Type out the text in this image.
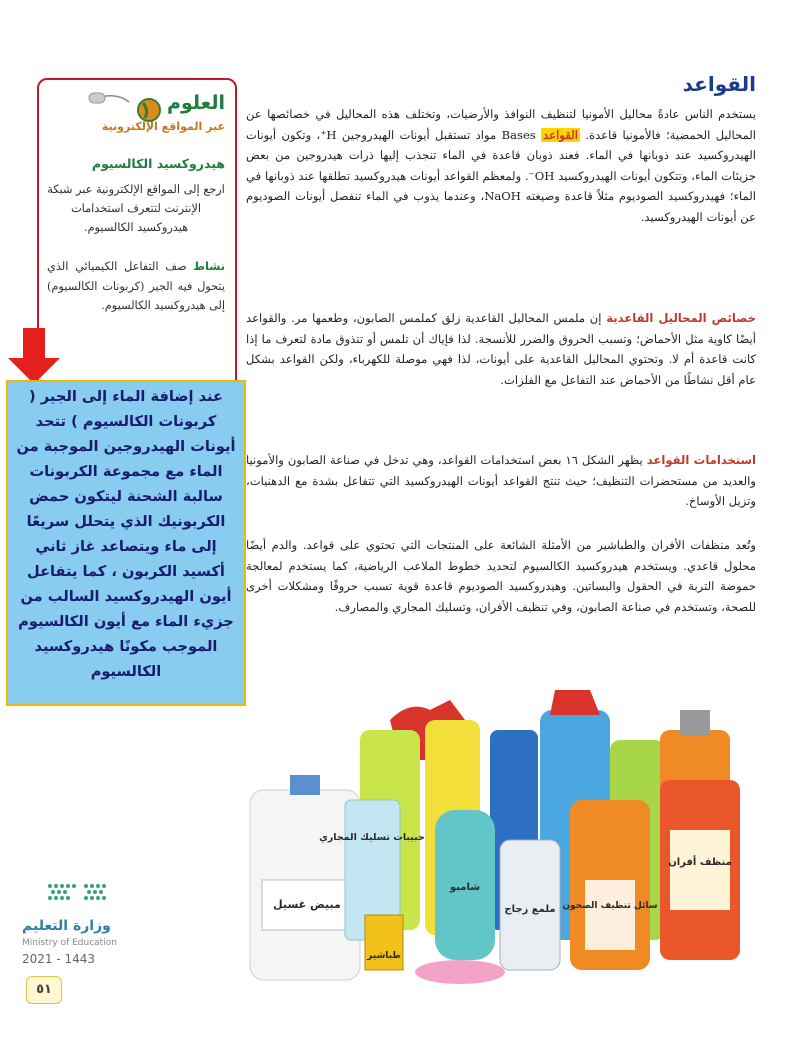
القواعد

يستخدم الناس عادةً محاليل الأمونيا لتنظيف النوافذ والأرضيات، وتختلف هذه المحاليل في خصائصها عن المحاليل الحمضية؛ فالأمونيا قاعدة. القواعد Bases مواد تستقبل أيونات الهيدروجين H⁺، وتكون أيونات الهيدروكسيد عند ذوبانها في الماء. فعند ذوبان قاعدة في الماء تنجذب إليها ذرات هيدروجين من بعض جزيئات الماء، وتتكون أيونات الهيدروكسيد OH⁻. ولمعظم القواعد أيونات هيدروكسيد تطلقها عند ذوبانها في الماء؛ فهيدروكسيد الصوديوم مثلاً قاعدة وصيغته NaOH، وعندما يذوب في الماء تنفصل أيونات الصوديوم عن أيونات الهيدروكسيد.

خصائص المحاليل القاعدية إن ملمس المحاليل القاعدية زلق كملمس الصابون، وطعمها مر. والقواعد أيضًا كاوية مثل الأحماض؛ وتسبب الحروق والضرر للأنسجة. لذا فإياك أن تلمس أو تتذوق مادة لتعرف ما إذا كانت قاعدة أم لا. وتحتوي المحاليل القاعدية على أيونات، لذا فهي موصلة للكهرباء، ولكن القواعد بشكل عام أقل نشاطًا من الأحماض عند التفاعل مع الفلزات.

استخدامات القواعد يظهر الشكل ١٦ بعض استخدامات القواعد، وهي تدخل في صناعة الصابون والأمونيا والعديد من مستحضرات التنظيف؛ حيث تنتج القواعد أيونات الهيدروكسيد التي تتفاعل بشدة مع الدهنيات، وتزيل الأوساخ.

وتُعد منظفات الأفران والطباشير من الأمثلة الشائعة على المنتجات التي تحتوي على قواعد. والدم أيضًا محلول قاعدي. ويستخدم هيدروكسيد الكالسيوم لتحديد خطوط الملاعب الرياضية، كما يستخدم لمعالجة حموضة التربة في الحقول والبساتين. وهيدروكسيد الصوديوم قاعدة قوية تسبب حروقًا ومشكلات أخرى للصحة، وتستخدم في صناعة الصابون، وفي تنظيف الأفران، وتسليك المجاري والمصارف.

العلوم
عبر المواقع الإلكترونية
هيدروكسيد الكالسيوم
ارجع إلى المواقع الإلكترونية عبر شبكة الإنترنت لتتعرف استخدامات هيدروكسيد الكالسيوم.
نشاط صف التفاعل الكيميائي الذي يتحول فيه الجير (كربونات الكالسيوم) إلى هيدروكسيد الكالسيوم.
عند إضافة الماء إلى الجير ( كربونات الكالسيوم ) تتحد أيونات الهيدروجين الموجبة من الماء مع مجموعة الكربونات سالبة الشحنة ليتكون حمض الكربونيك الذي يتحلل سريعًا إلى ماء ويتصاعد غاز ثاني أكسيد الكربون ، كما يتفاعل أيون الهيدروكسيد السالب من جزيء الماء مع أيون الكالسيوم الموجب مكونًا هيدروكسيد الكالسيوم
مبيض غسيل
حبيبات تسليك المجاري
طباشير
شامبو
ملمع زجاج سائل تنظيف الصحون
منظف أفران
وزارة التعليم
Ministry of Education
2021 - 1443
٥١
